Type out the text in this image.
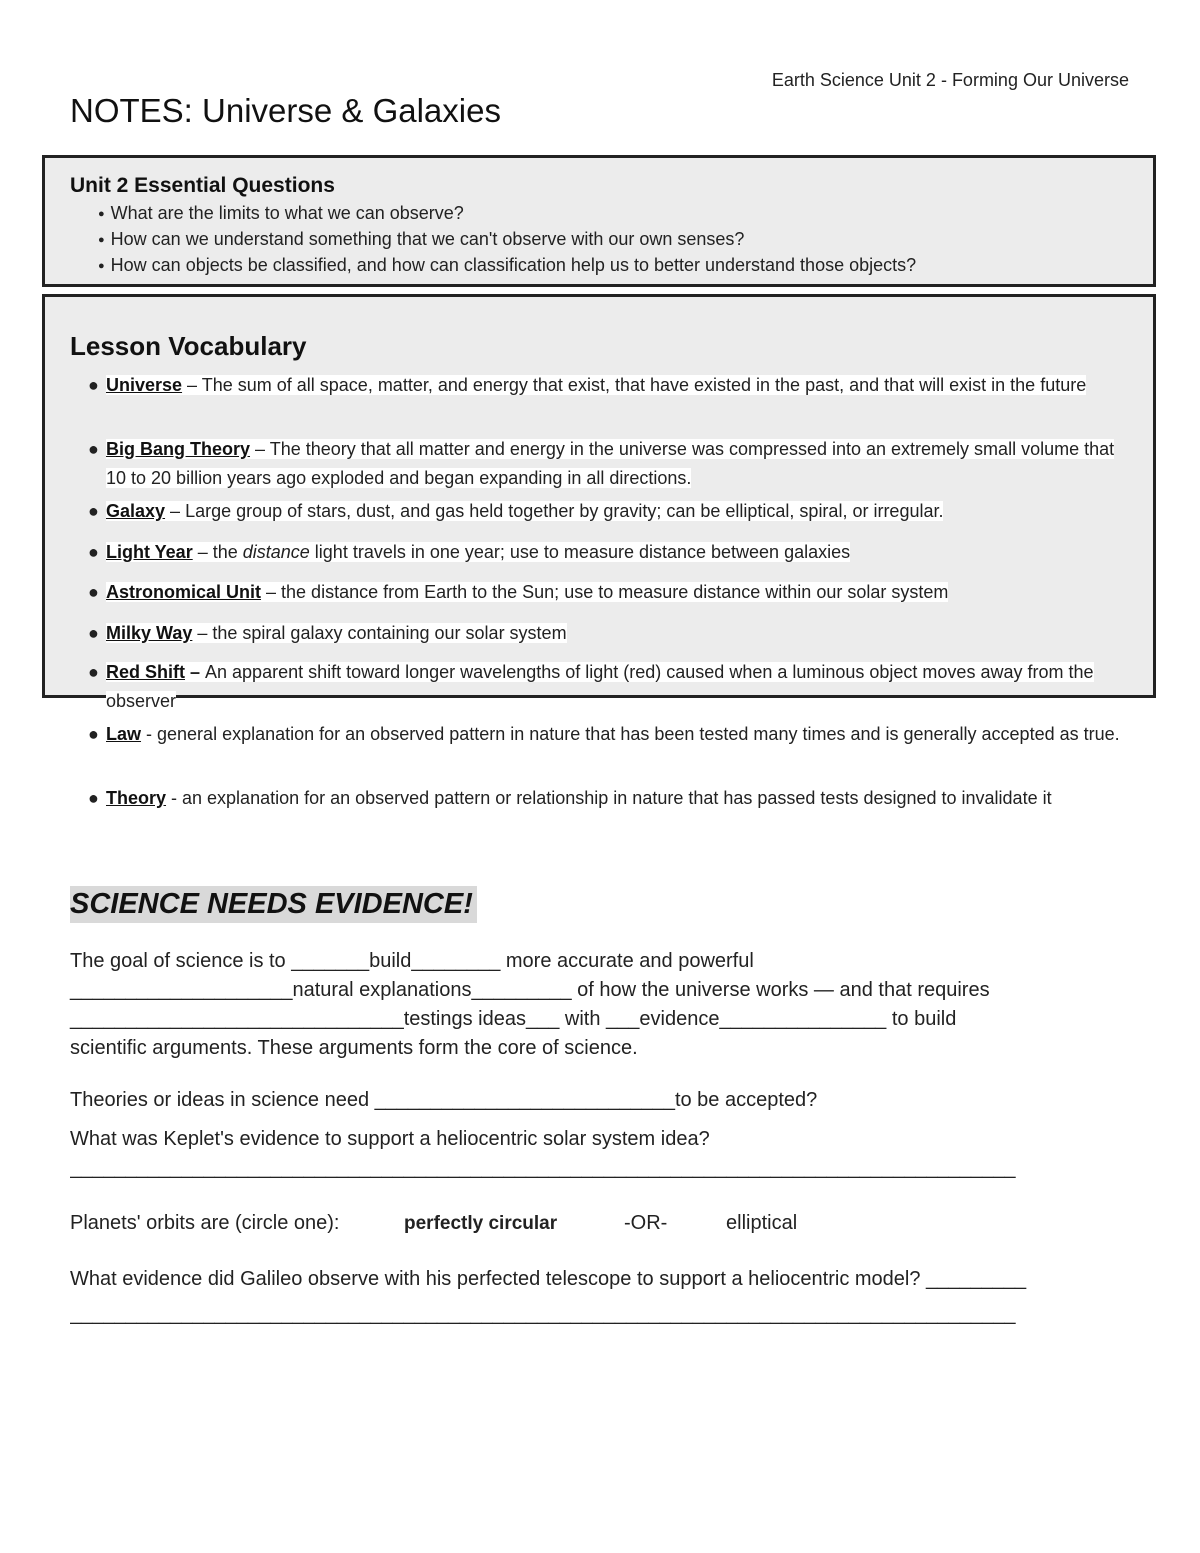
Earth Science Unit 2 - Forming Our Universe
NOTES: Universe & Galaxies
Unit 2 Essential Questions
● What are the limits to what we can observe?
● How can we understand something that we can't observe with our own senses?
● How can objects be classified, and how can classification help us to better understand those objects?
Lesson Vocabulary
● Universe – The sum of all space, matter, and energy that exist, that have existed in the past, and that will exist in the future
● Big Bang Theory – The theory that all matter and energy in the universe was compressed into an extremely small volume that 10 to 20 billion years ago exploded and began expanding in all directions.
● Galaxy – Large group of stars, dust, and gas held together by gravity; can be elliptical, spiral, or irregular.
● Light Year – the distance light travels in one year; use to measure distance between galaxies
● Astronomical Unit – the distance from Earth to the Sun; use to measure distance within our solar system
● Milky Way – the spiral galaxy containing our solar system
● Red Shift – An apparent shift toward longer wavelengths of light (red) caused when a luminous object moves away from the observer
● Law - general explanation for an observed pattern in nature that has been tested many times and is generally accepted as true.
● Theory - an explanation for an observed pattern or relationship in nature that has passed tests designed to invalidate it
SCIENCE NEEDS EVIDENCE!

The goal of science is to _______build________ more accurate and powerful

____________________natural explanations_________ of how the universe works — and that requires

______________________________testings ideas___ with ___evidence_______________ to build

scientific arguments. These arguments form the core of science.

Theories or ideas in science need ___________________________to be accepted?

What was Keplet's evidence to support a heliocentric solar system idea?

_____________________________________________________________________________________

Planets' orbits are (circle one):	perfectly circular	-OR-	elliptical

What evidence did Galileo observe with his perfected telescope to support a heliocentric model? _________

_____________________________________________________________________________________
